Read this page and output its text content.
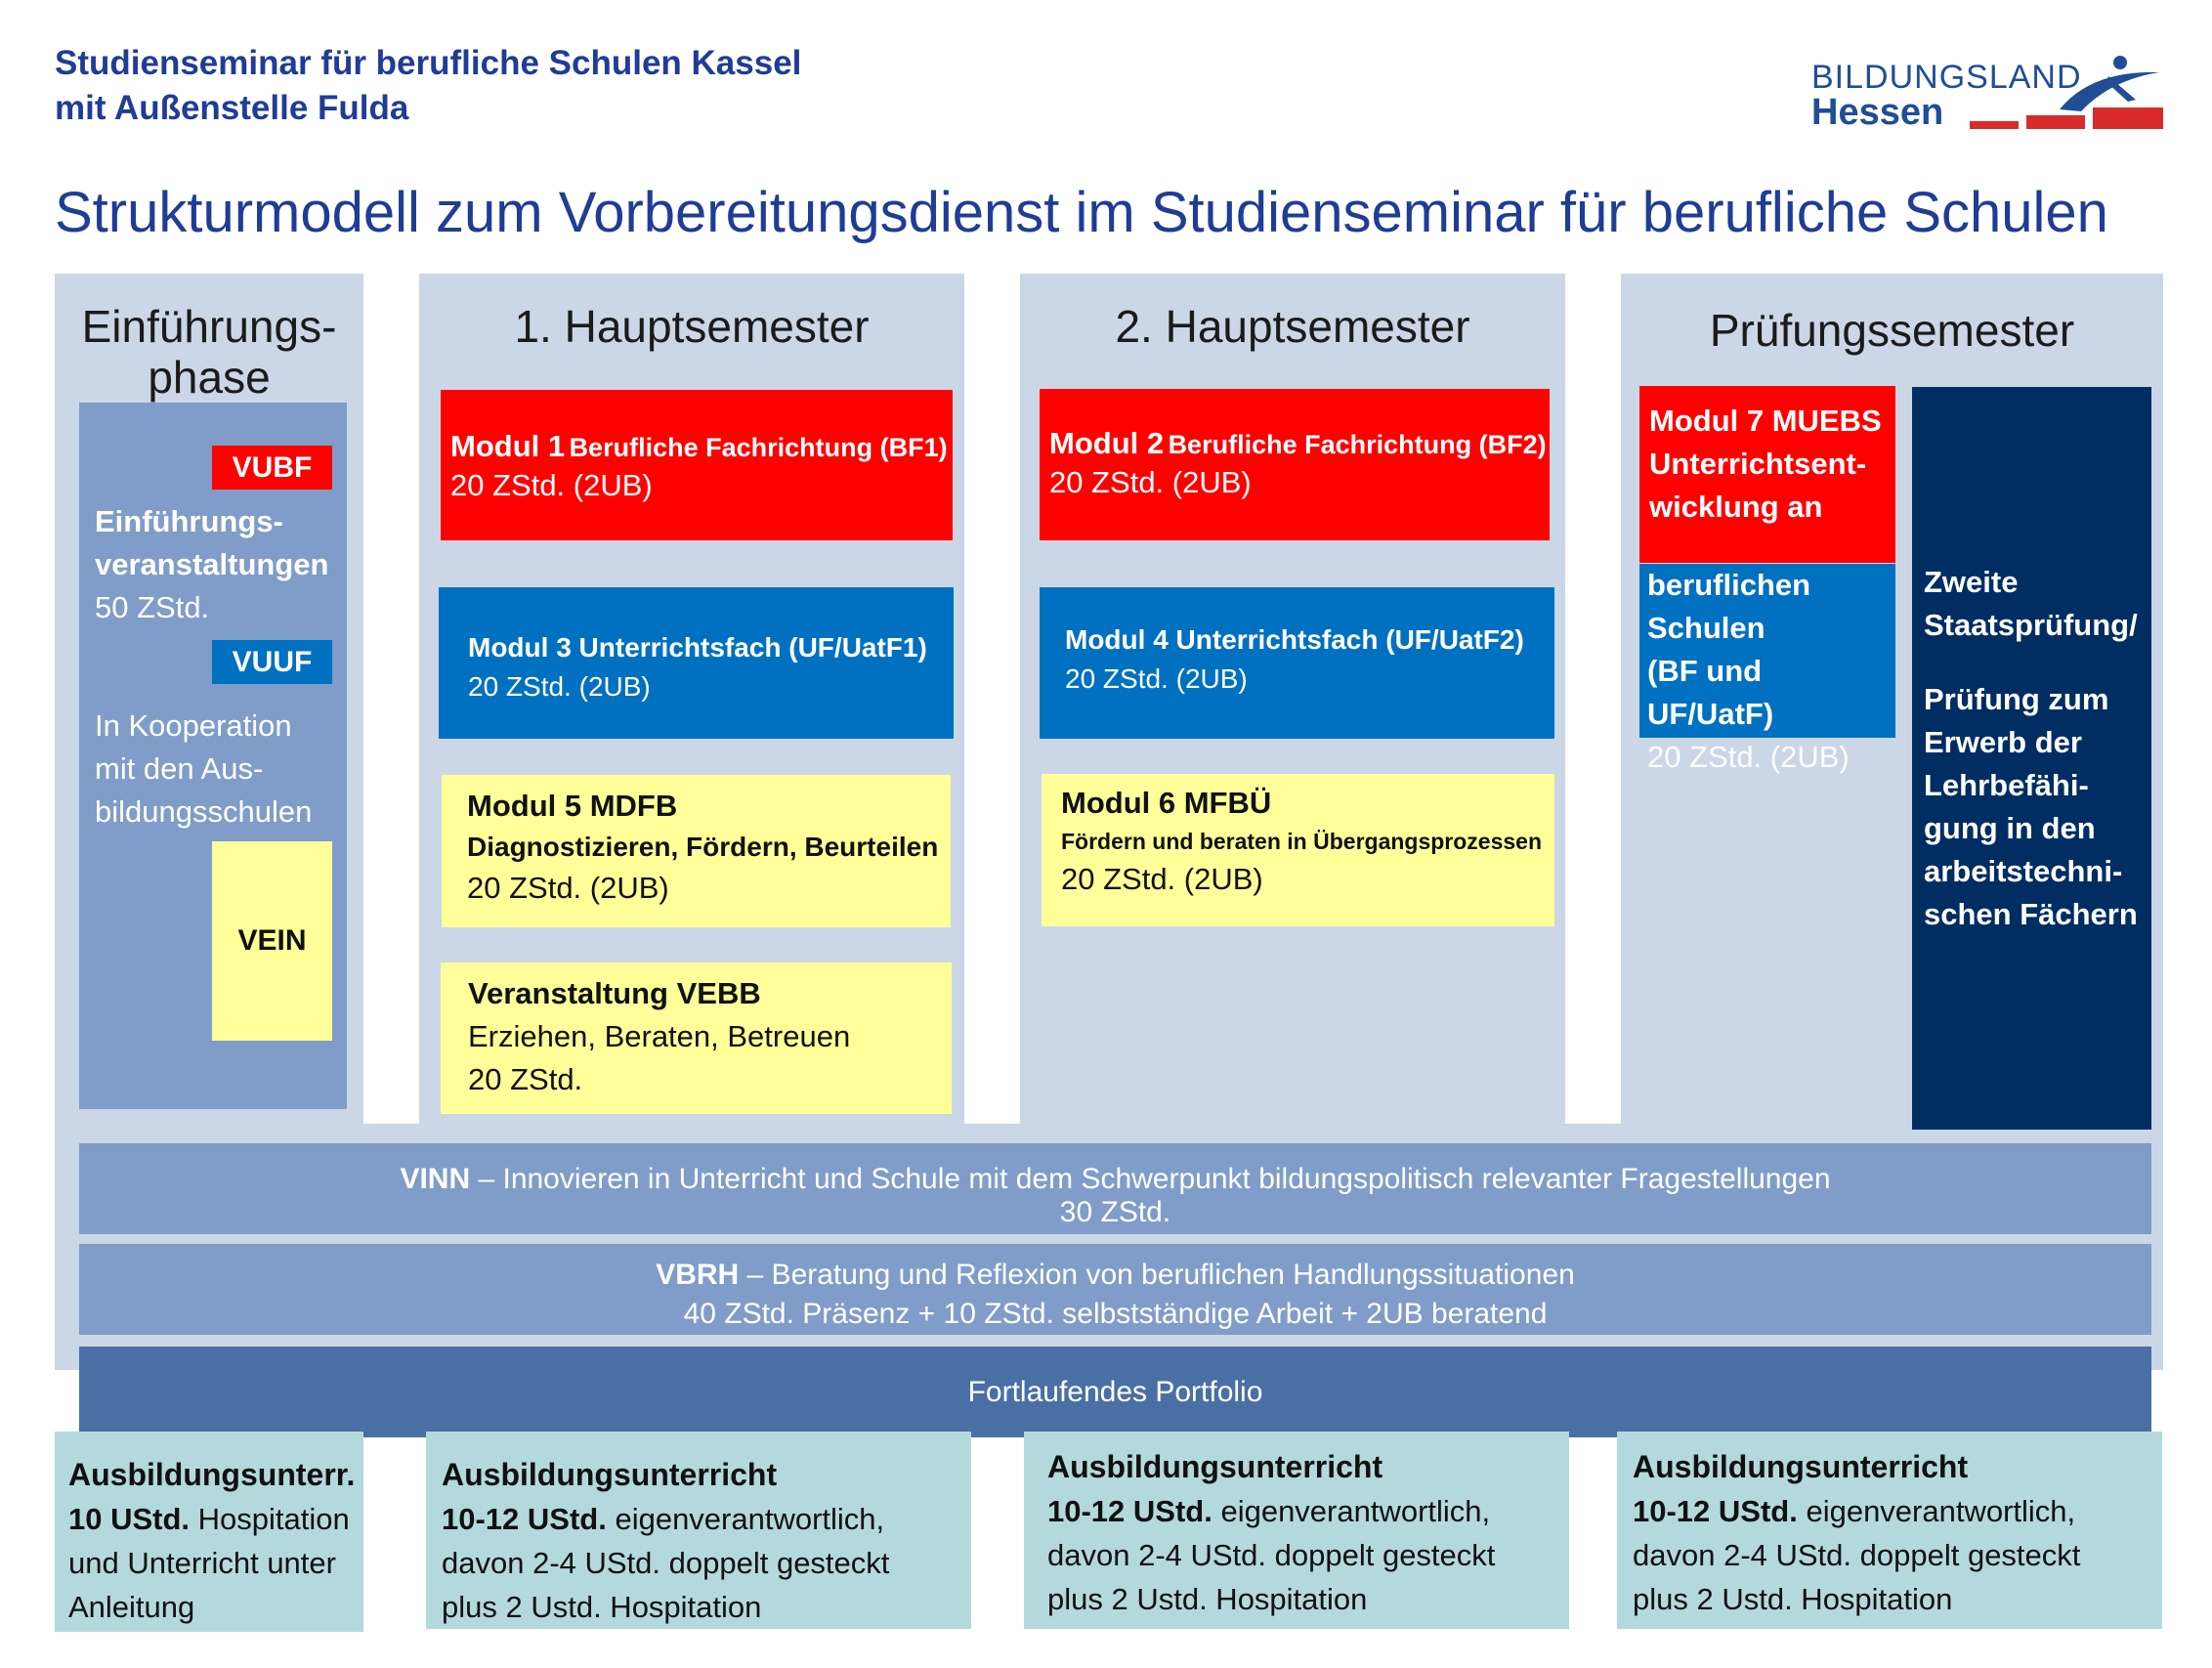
Studienseminar für berufliche Schulen Kassel
mit Außenstelle Fulda
BILDUNGSLAND
Hessen
Strukturmodell zum Vorbereitungsdienst im Studienseminar für berufliche Schulen
Einführungs-
phase
1. Hauptsemester	2. Hauptsemester	Prüfungssemester
VUBF
Einführungs-
veranstaltungen
50 ZStd.
VUUF
In Kooperation
mit den Aus-
bildungsschulen
VEIN
Modul 1 Berufliche Fachrichtung (BF1)
20 ZStd. (2UB)
Modul 2 Berufliche Fachrichtung (BF2)
20 ZStd. (2UB)
Modul 3 Unterrichtsfach (UF/UatF1)
20 ZStd. (2UB)
Modul 4 Unterrichtsfach (UF/UatF2)
20 ZStd. (2UB)
Modul 5 MDFB
Diagnostizieren, Fördern, Beurteilen
20 ZStd. (2UB)
Modul 6 MFBÜ
Fördern und beraten in Übergangsprozessen
20 ZStd. (2UB)
Veranstaltung VEBB
Erziehen, Beraten, Betreuen
20 ZStd.
Modul 7 MUEBS
Unterrichtsent-
wicklung an
beruflichen
Schulen
(BF und UF/UatF)
20 ZStd. (2UB)
Zweite
Staatsprüfung/
Prüfung zum
Erwerb der
Lehrbefähi-
gung in den
arbeitstechni-
schen Fächern
VINN – Innovieren in Unterricht und Schule mit dem Schwerpunkt bildungspolitisch relevanter Fragestellungen
30 ZStd.
VBRH – Beratung und Reflexion von beruflichen Handlungssituationen
40 ZStd. Präsenz + 10 ZStd. selbstständige Arbeit + 2UB beratend
Fortlaufendes Portfolio
Ausbildungsunterr.
10 UStd. Hospitation
und Unterricht unter
Anleitung
Ausbildungsunterricht
10-12 UStd. eigenverantwortlich,
davon 2-4 UStd. doppelt gesteckt
plus 2 Ustd. Hospitation
Ausbildungsunterricht
10-12 UStd. eigenverantwortlich,
davon 2-4 UStd. doppelt gesteckt
plus 2 Ustd. Hospitation
Ausbildungsunterricht
10-12 UStd. eigenverantwortlich,
davon 2-4 UStd. doppelt gesteckt
plus 2 Ustd. Hospitation
